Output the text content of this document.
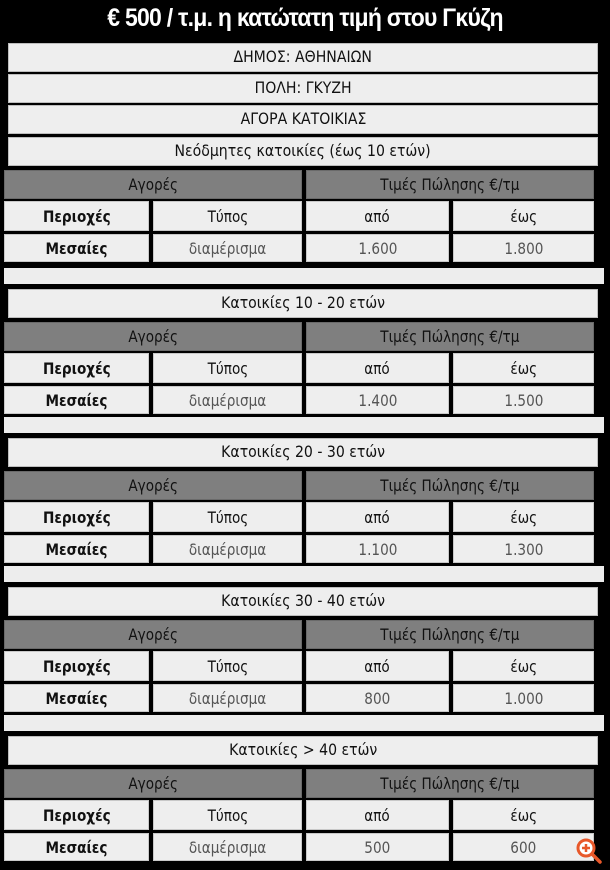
€ 500 / τ.μ. η κατώτατη τιμή στου Γκύζη
ΔΗΜΟΣ: ΑΘΗΝΑΙΩΝ
ΠΟΛΗ: ΓΚΥΖΗ
ΑΓΟΡΑ ΚΑΤΟΙΚΙΑΣ
Νεόδμητες κατοικίες (έως 10 ετών)
Αγορές	Τιμές Πώλησης €/τμ
Περιοχές	Τύπος	από	έως
Μεσαίες	διαμέρισμα	1.600	1.800
Κατοικίες 10 - 20 ετών
Αγορές	Τιμές Πώλησης €/τμ
Περιοχές	Τύπος	από	έως
Μεσαίες	διαμέρισμα	1.400	1.500
Κατοικίες 20 - 30 ετών
Αγορές	Τιμές Πώλησης €/τμ
Περιοχές	Τύπος	από	έως
Μεσαίες	διαμέρισμα	1.100	1.300
Κατοικίες 30 - 40 ετών
Αγορές	Τιμές Πώλησης €/τμ
Περιοχές	Τύπος	από	έως
Μεσαίες	διαμέρισμα	800	1.000
Κατοικίες > 40 ετών
Αγορές	Τιμές Πώλησης €/τμ
Περιοχές	Τύπος	από	έως
Μεσαίες	διαμέρισμα	500	600
